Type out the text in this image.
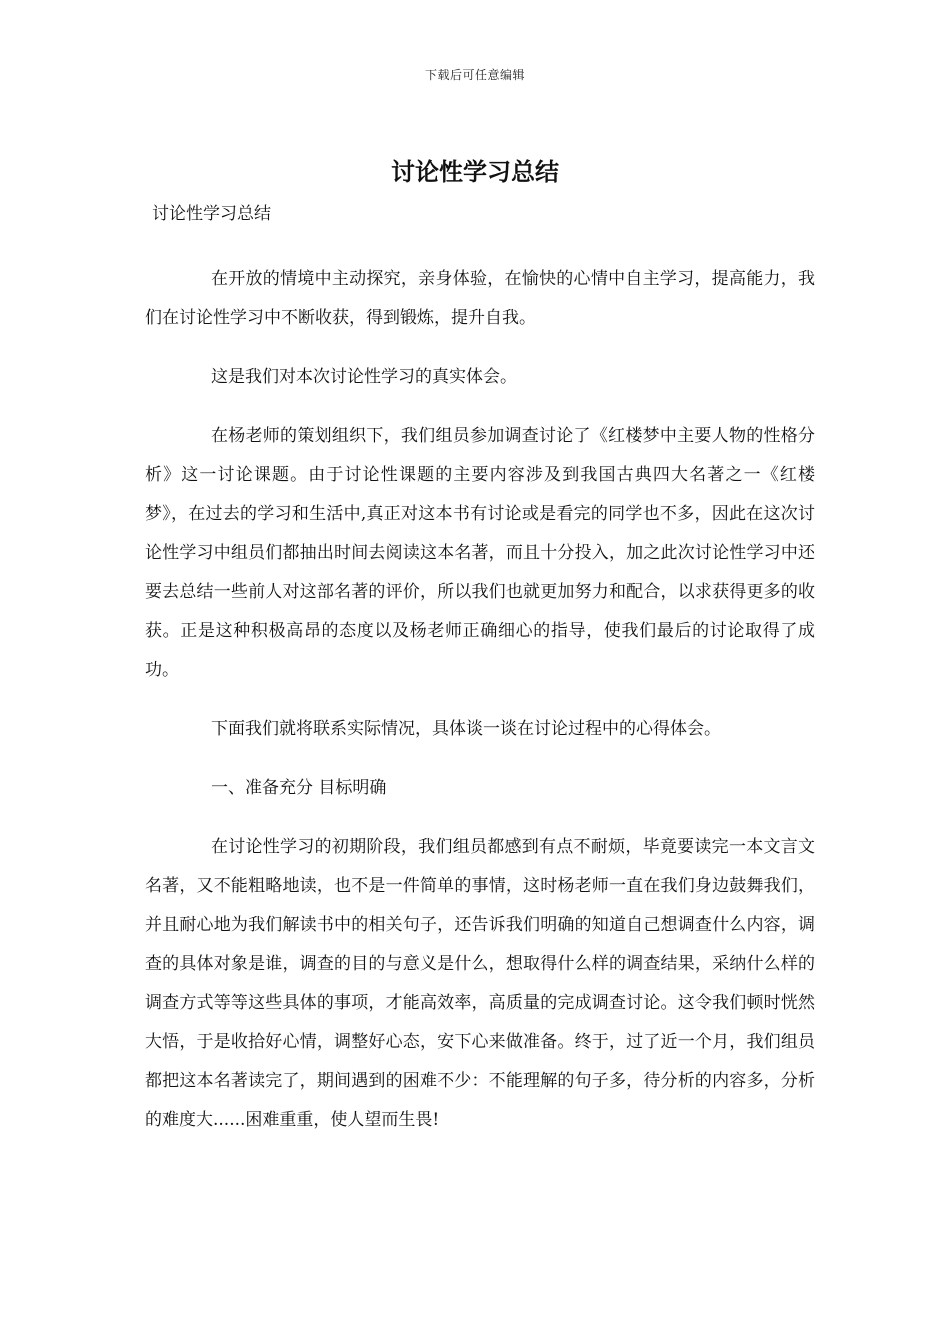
下载后可任意编辑
讨论性学习总结
讨论性学习总结

在开放的情境中主动探究，亲身体验，在愉快的心情中自主学习，提高能力，我们在讨论性学习中不断收获，得到锻炼，提升自我。

这是我们对本次讨论性学习的真实体会。

在杨老师的策划组织下，我们组员参加调查讨论了《红楼梦中主要人物的性格分析》这一讨论课题。由于讨论性课题的主要内容涉及到我国古典四大名著之一《红楼梦》，在过去的学习和生活中,真正对这本书有讨论或是看完的同学也不多，因此在这次讨论性学习中组员们都抽出时间去阅读这本名著，而且十分投入，加之此次讨论性学习中还要去总结一些前人对这部名著的评价，所以我们也就更加努力和配合，以求获得更多的收获。正是这种积极高昂的态度以及杨老师正确细心的指导，使我们最后的讨论取得了成功。

下面我们就将联系实际情况，具体谈一谈在讨论过程中的心得体会。

一、准备充分 目标明确

在讨论性学习的初期阶段，我们组员都感到有点不耐烦，毕竟要读完一本文言文名著，又不能粗略地读，也不是一件简单的事情，这时杨老师一直在我们身边鼓舞我们，并且耐心地为我们解读书中的相关句子，还告诉我们明确的知道自己想调查什么内容，调查的具体对象是谁，调查的目的与意义是什么，想取得什么样的调查结果，采纳什么样的调查方式等等这些具体的事项，才能高效率，高质量的完成调查讨论。这令我们顿时恍然大悟，于是收拾好心情，调整好心态，安下心来做准备。终于，过了近一个月，我们组员都把这本名著读完了，期间遇到的困难不少：不能理解的句子多，待分析的内容多，分析的难度大......困难重重，使人望而生畏!
